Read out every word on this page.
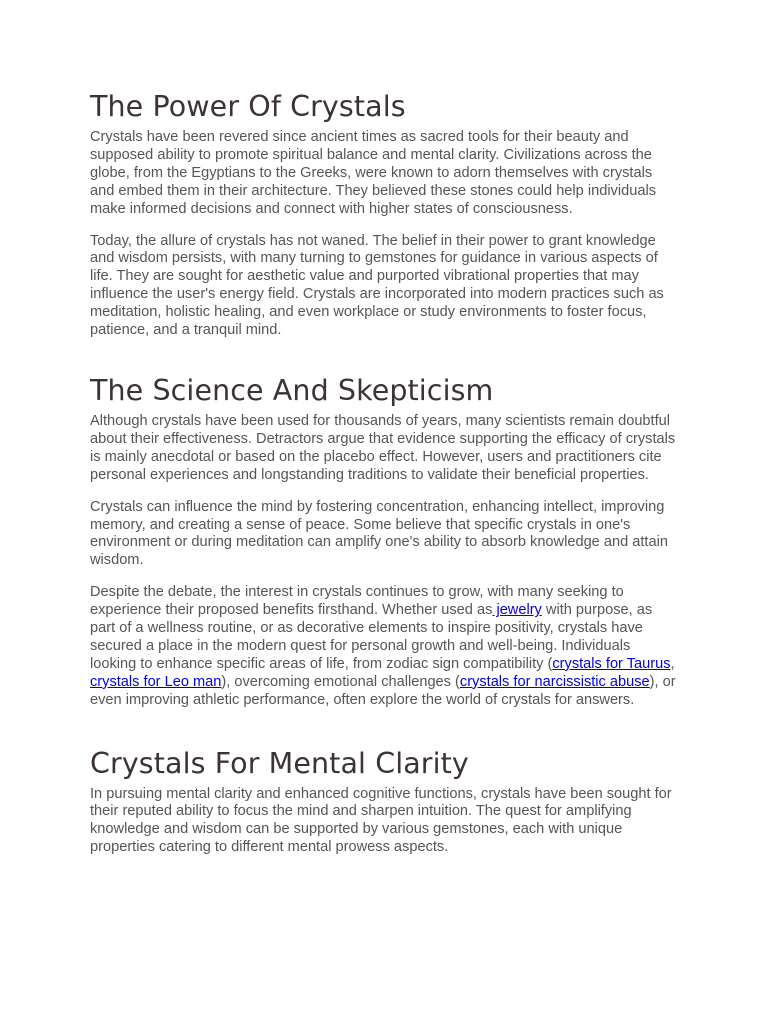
The Power Of Crystals

Crystals have been revered since ancient times as sacred tools for their beauty and supposed ability to promote spiritual balance and mental clarity. Civilizations across the globe, from the Egyptians to the Greeks, were known to adorn themselves with crystals and embed them in their architecture. They believed these stones could help individuals make informed decisions and connect with higher states of consciousness.

Today, the allure of crystals has not waned. The belief in their power to grant knowledge and wisdom persists, with many turning to gemstones for guidance in various aspects of life. They are sought for aesthetic value and purported vibrational properties that may influence the user's energy field. Crystals are incorporated into modern practices such as meditation, holistic healing, and even workplace or study environments to foster focus, patience, and a tranquil mind.

The Science And Skepticism

Although crystals have been used for thousands of years, many scientists remain doubtful about their effectiveness. Detractors argue that evidence supporting the efficacy of crystals is mainly anecdotal or based on the placebo effect. However, users and practitioners cite personal experiences and longstanding traditions to validate their beneficial properties.

Crystals can influence the mind by fostering concentration, enhancing intellect, improving memory, and creating a sense of peace. Some believe that specific crystals in one's environment or during meditation can amplify one's ability to absorb knowledge and attain wisdom.

Despite the debate, the interest in crystals continues to grow, with many seeking to experience their proposed benefits firsthand. Whether used as jewelry with purpose, as part of a wellness routine, or as decorative elements to inspire positivity, crystals have secured a place in the modern quest for personal growth and well-being. Individuals looking to enhance specific areas of life, from zodiac sign compatibility (crystals for Taurus, crystals for Leo man), overcoming emotional challenges (crystals for narcissistic abuse), or even improving athletic performance, often explore the world of crystals for answers.

Crystals For Mental Clarity

In pursuing mental clarity and enhanced cognitive functions, crystals have been sought for their reputed ability to focus the mind and sharpen intuition. The quest for amplifying knowledge and wisdom can be supported by various gemstones, each with unique properties catering to different mental prowess aspects.
